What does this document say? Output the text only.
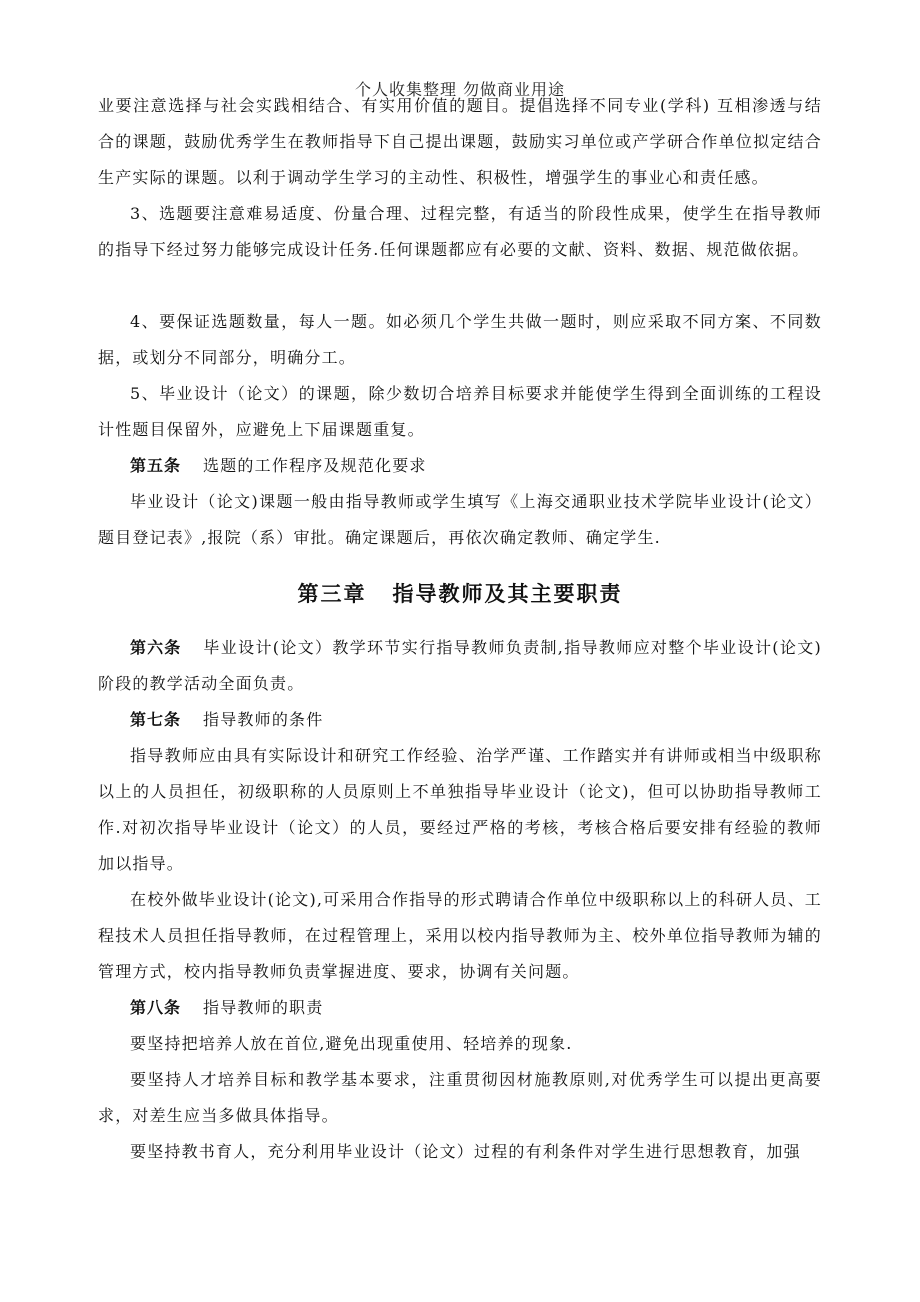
个人收集整理 勿做商业用途

业要注意选择与社会实践相结合、有实用价值的题目。提倡选择不同专业(学科) 互相渗透与结合的课题，鼓励优秀学生在教师指导下自己提出课题，鼓励实习单位或产学研合作单位拟定结合生产实际的课题。以利于调动学生学习的主动性、积极性，增强学生的事业心和责任感。

3、选题要注意难易适度、份量合理、过程完整，有适当的阶段性成果，使学生在指导教师的指导下经过努力能够完成设计任务.任何课题都应有必要的文献、资料、数据、规范做依据。

4、要保证选题数量，每人一题。如必须几个学生共做一题时，则应采取不同方案、不同数据，或划分不同部分，明确分工。

5、毕业设计（论文）的课题，除少数切合培养目标要求并能使学生得到全面训练的工程设计性题目保留外，应避免上下届课题重复。

第五条 选题的工作程序及规范化要求

毕业设计（论文)课题一般由指导教师或学生填写《上海交通职业技术学院毕业设计(论文）题目登记表》,报院（系）审批。确定课题后，再依次确定教师、确定学生.

第三章 指导教师及其主要职责

第六条 毕业设计(论文）教学环节实行指导教师负责制,指导教师应对整个毕业设计(论文)阶段的教学活动全面负责。

第七条 指导教师的条件

指导教师应由具有实际设计和研究工作经验、治学严谨、工作踏实并有讲师或相当中级职称以上的人员担任，初级职称的人员原则上不单独指导毕业设计（论文)，但可以协助指导教师工作.对初次指导毕业设计（论文）的人员，要经过严格的考核，考核合格后要安排有经验的教师加以指导。

在校外做毕业设计(论文),可采用合作指导的形式聘请合作单位中级职称以上的科研人员、工程技术人员担任指导教师，在过程管理上，采用以校内指导教师为主、校外单位指导教师为辅的管理方式，校内指导教师负责掌握进度、要求，协调有关问题。

第八条 指导教师的职责

要坚持把培养人放在首位,避免出现重使用、轻培养的现象.

要坚持人才培养目标和教学基本要求，注重贯彻因材施教原则,对优秀学生可以提出更高要求，对差生应当多做具体指导。

要坚持教书育人，充分利用毕业设计（论文）过程的有利条件对学生进行思想教育，加强
